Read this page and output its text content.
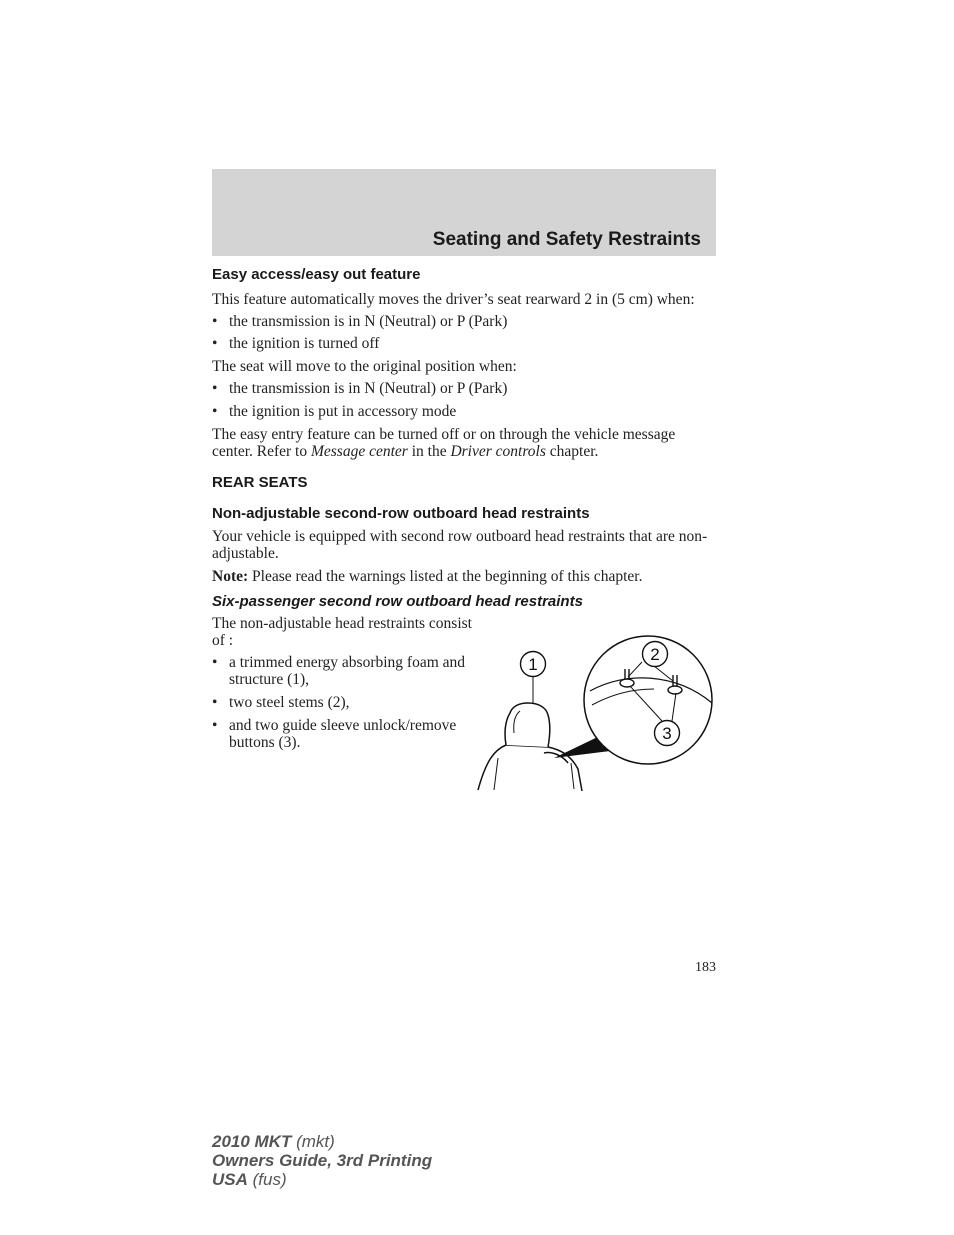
Seating and Safety Restraints
Easy access/easy out feature

This feature automatically moves the driver’s seat rearward 2 in (5 cm) when:

• the transmission is in N (Neutral) or P (Park)
• the ignition is turned off

The seat will move to the original position when:

• the transmission is in N (Neutral) or P (Park)
• the ignition is put in accessory mode

The easy entry feature can be turned off or on through the vehicle message center. Refer to Message center in the Driver controls chapter.

REAR SEATS
Non-adjustable second-row outboard head restraints

Your vehicle is equipped with second row outboard head restraints that are non-adjustable.

Note: Please read the warnings listed at the beginning of this chapter.

Six-passenger second row outboard head restraints

The non-adjustable head restraints consist of :

• a trimmed energy absorbing foam and structure (1),
• two steel stems (2),
• and two guide sleeve unlock/remove buttons (3).
1
2
3
183
2010 MKT (mkt)
Owners Guide, 3rd Printing
USA (fus)
